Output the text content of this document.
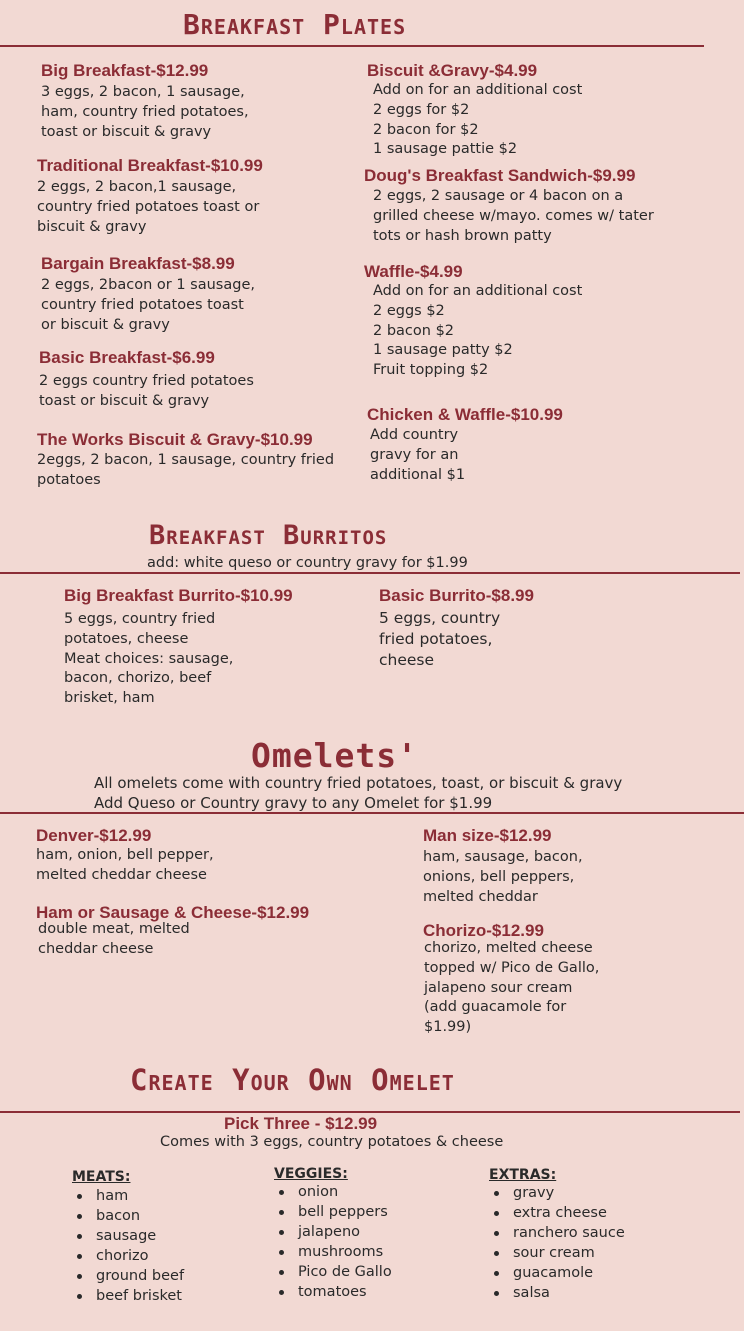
Breakfast Plates
Big Breakfast-$12.99
3 eggs, 2 bacon, 1 sausage,
ham, country fried potatoes,
toast or biscuit & gravy
Traditional Breakfast-$10.99
2 eggs, 2 bacon,1 sausage,
country fried potatoes toast or
biscuit & gravy
Bargain Breakfast-$8.99
2 eggs, 2bacon or 1 sausage,
country fried potatoes toast
or biscuit & gravy
Basic Breakfast-$6.99
2 eggs country fried potatoes
toast or biscuit & gravy
The Works Biscuit & Gravy-$10.99
2eggs, 2 bacon, 1 sausage, country fried
potatoes
Biscuit &Gravy-$4.99
Add on for an additional cost
2 eggs for $2
2 bacon for $2
1 sausage pattie $2
Doug's Breakfast Sandwich-$9.99
2 eggs, 2 sausage or 4 bacon on a
grilled cheese w/mayo. comes w/ tater
tots or hash brown patty
Waffle-$4.99
Add on for an additional cost
2 eggs $2
2 bacon $2
1 sausage patty $2
Fruit topping $2
Chicken & Waffle-$10.99
Add country
gravy for an
additional $1
Breakfast Burritos
add: white queso or country gravy for $1.99
Big Breakfast Burrito-$10.99
5 eggs, country fried
potatoes, cheese
Meat choices: sausage,
bacon, chorizo, beef
brisket, ham
Basic Burrito-$8.99
5 eggs, country
fried potatoes,
cheese
Omelets'
All omelets come with country fried potatoes, toast, or biscuit & gravy
Add Queso or Country gravy to any Omelet for $1.99
Denver-$12.99
ham, onion, bell pepper,
melted cheddar cheese
Ham or Sausage & Cheese-$12.99
double meat, melted
cheddar cheese
Man size-$12.99
ham, sausage, bacon,
onions, bell peppers,
melted cheddar
Chorizo-$12.99
chorizo, melted cheese
topped w/ Pico de Gallo,
jalapeno sour cream
(add guacamole for
$1.99)
Create Your Own Omelet
Pick Three - $12.99
Comes with 3 eggs, country potatoes & cheese
MEATS:
ham
bacon
sausage
chorizo
ground beef
beef brisket
VEGGIES:
onion
bell peppers
jalapeno
mushrooms
Pico de Gallo
tomatoes
EXTRAS:
gravy
extra cheese
ranchero sauce
sour cream
guacamole
salsa
